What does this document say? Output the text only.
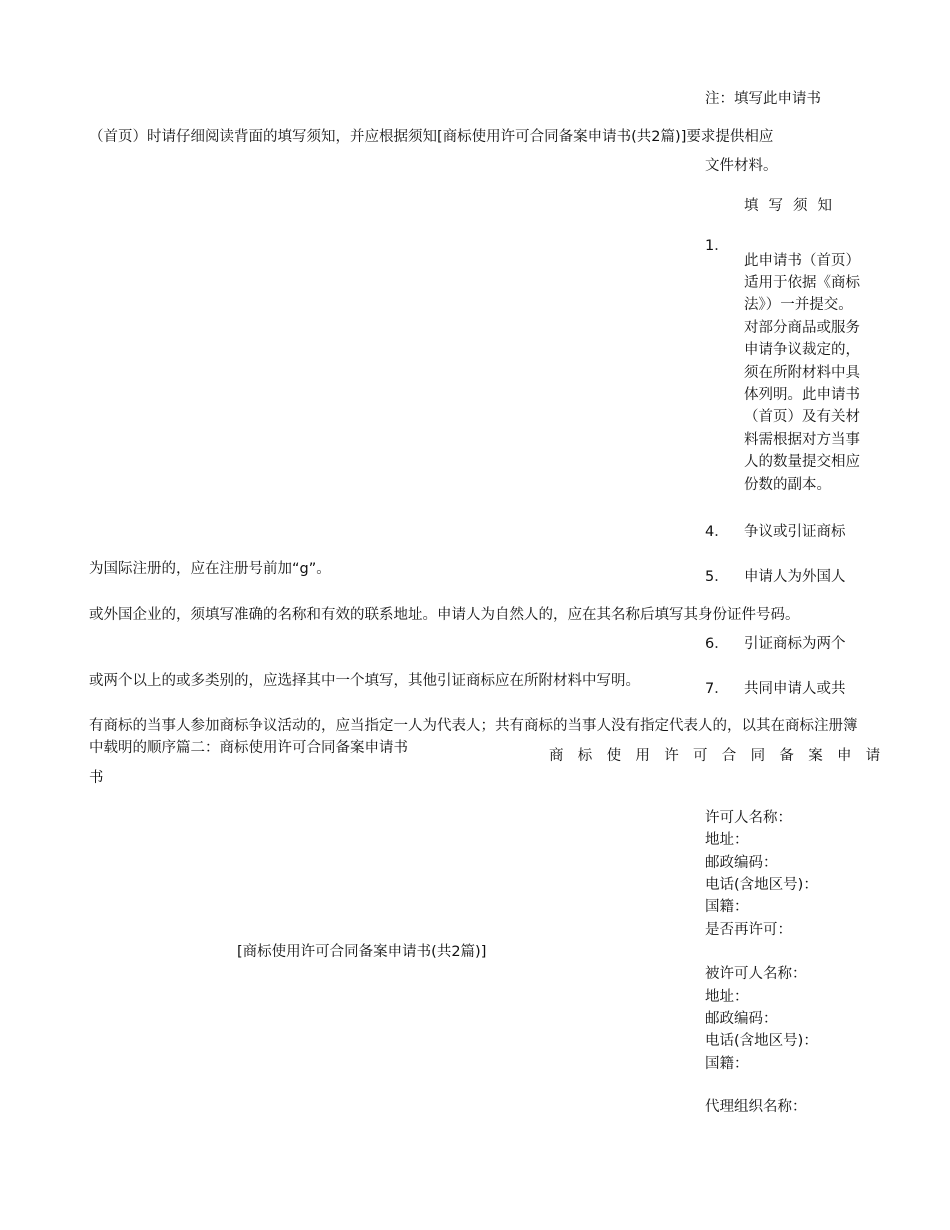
注：填写此申请书

（首页）时请仔细阅读背面的填写须知，并应根据须知[商标使用许可合同备案申请书(共2篇)]要求提供相应

文件材料。

填写须知

1．

此申请书（首页）适用于依据《商标法》）一并提交。对部分商品或服务申请争议裁定的，须在所附材料中具体列明。此申请书（首页）及有关材料需根据对方当事人的数量提交相应份数的副本。

4． 争议或引证商标

为国际注册的，应在注册号前加“g”。

5． 申请人为外国人

或外国企业的，须填写准确的名称和有效的联系地址。申请人为自然人的，应在其名称后填写其身份证件号码。

6． 引证商标为两个

或两个以上的或多类别的，应选择其中一个填写，其他引证商标应在所附材料中写明。

7． 共同申请人或共

有商标的当事人参加商标争议活动的，应当指定一人为代表人；共有商标的当事人没有指定代表人的，以其在商标注册簿中载明的顺序篇二：商标使用许可合同备案申请书

商标使用许可合同备案申请

书

许可人名称：

地址：

邮政编码：

电话(含地区号)：

国籍：

是否再许可：

[商标使用许可合同备案申请书(共2篇)]

被许可人名称：

地址：

邮政编码：

电话(含地区号)：

国籍：

代理组织名称：
